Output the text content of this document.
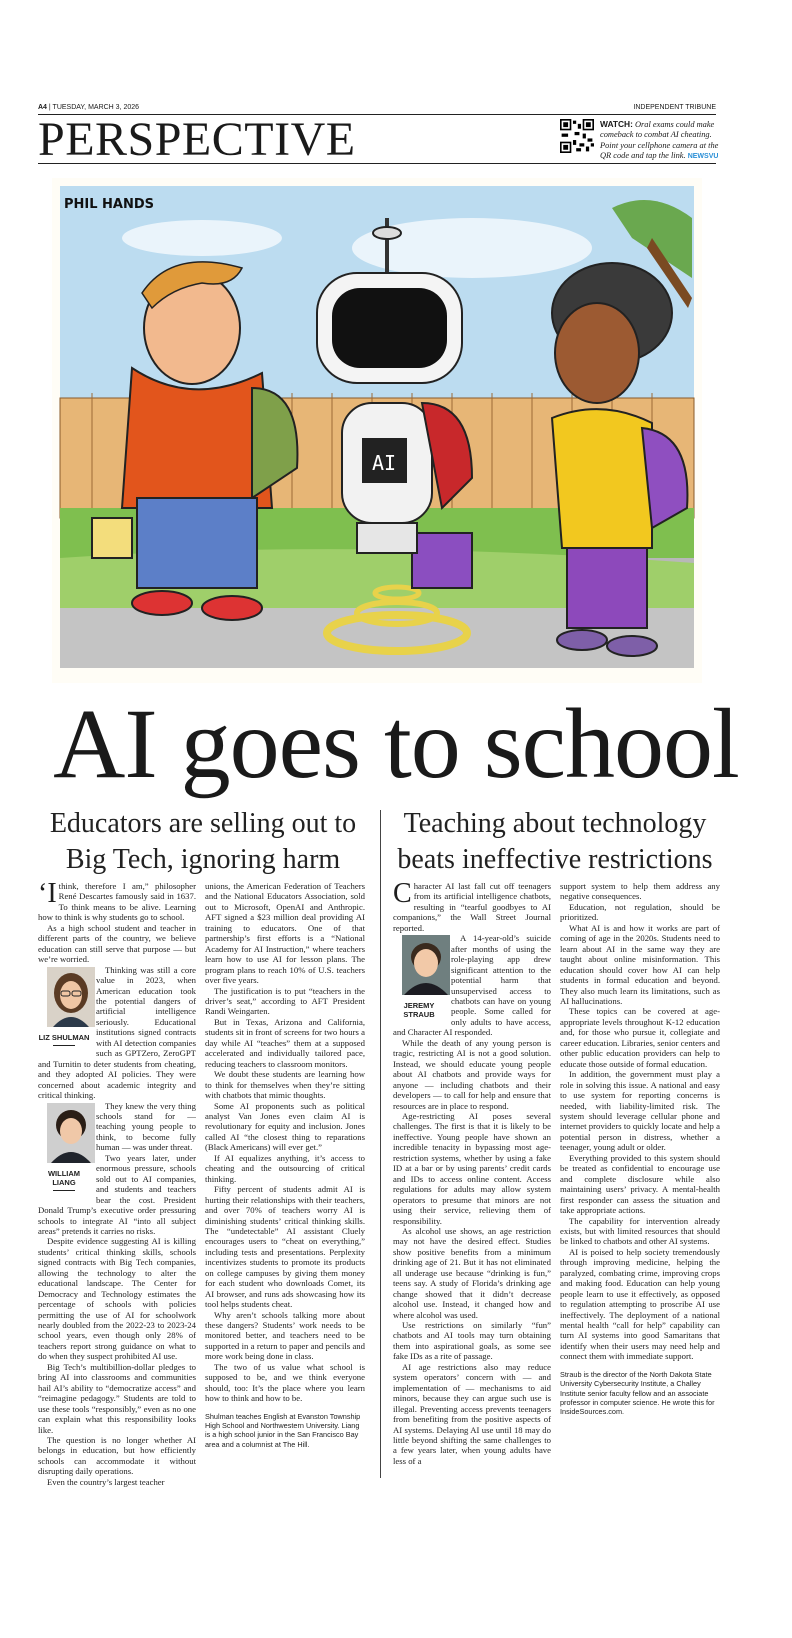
A4 | TUESDAY, MARCH 3, 2026	INDEPENDENT TRIBUNE
PERSPECTIVE	WATCH: Oral exams could make comeback to combat AI cheating. Point your cellphone camera at the QR code and tap the link. NEWSVU
AI
PHIL HANDS
AI goes to school
Educators are selling out to Big Tech, ignoring harm
Teaching about technology beats ineffective restrictions

‘Ithink, therefore I am,” philosopher René Descartes famously said in 1637. To think means to be alive. Learning how to think is why students go to school.

As a high school student and teacher in different parts of the country, we believe education can still serve that purpose — but we’re worried.

LIZ SHULMAN
Thinking was still a core value in 2023, when American education took the potential dangers of artificial intelligence seriously. Educational institutions signed contracts with AI detection companies such as GPTZero, ZeroGPT and Turnitin to deter students from cheating, and they adopted AI policies. They were concerned about academic integrity and critical thinking.

WILLIAM LIANG
They knew the very thing schools stand for — teaching young people to think, to become fully human — was under threat.

Two years later, under enormous pressure, schools sold out to AI companies, and students and teachers bear the cost. President Donald Trump’s executive order pressuring schools to integrate AI “into all subject areas” pretends it carries no risks.

Despite evidence suggesting AI is killing students’ critical thinking skills, schools signed contracts with Big Tech companies, allowing the technology to alter the educational landscape. The Center for Democracy and Technology estimates the percentage of schools with policies permitting the use of AI for schoolwork nearly doubled from the 2022-23 to 2023-24 school years, even though only 28% of teachers report strong guidance on what to do when they suspect prohibited AI use.

Big Tech’s multibillion-dollar pledges to bring AI into classrooms and communities hail AI’s ability to “democratize access” and “reimagine pedagogy.” Students are told to use these tools “responsibly,” even as no one can explain what this responsibility looks like.

The question is no longer whether AI belongs in education, but how efficiently schools can accommodate it without disrupting daily operations.

Even the country’s largest teacher

unions, the American Federation of Teachers and the National Educators Association, sold out to Microsoft, OpenAI and Anthropic. AFT signed a $23 million deal providing AI training to educators. One of that partnership’s first efforts is a “National Academy for AI Instruction,” where teachers learn how to use AI for lesson plans. The program plans to reach 10% of U.S. teachers over five years.

The justification is to put “teachers in the driver’s seat,” according to AFT President Randi Weingarten.

But in Texas, Arizona and California, students sit in front of screens for two hours a day while AI “teaches” them at a supposed accelerated and individually tailored pace, reducing teachers to classroom monitors.

We doubt these students are learning how to think for themselves when they’re sitting with chatbots that mimic thoughts.

Some AI proponents such as political analyst Van Jones even claim AI is revolutionary for equity and inclusion. Jones called AI “the closest thing to reparations (Black Americans) will ever get.”

If AI equalizes anything, it’s access to cheating and the outsourcing of critical thinking.

Fifty percent of students admit AI is hurting their relationships with their teachers, and over 70% of teachers worry AI is diminishing students’ critical thinking skills. The “undetectable” AI assistant Cluely encourages users to “cheat on everything,” including tests and presentations. Perplexity incentivizes students to promote its products on college campuses by giving them money for each student who downloads Comet, its AI browser, and runs ads showcasing how its tool helps students cheat.

Why aren’t schools talking more about these dangers? Students’ work needs to be monitored better, and teachers need to be supported in a return to paper and pencils and more work being done in class.

The two of us value what school is supposed to be, and we think everyone should, too: It’s the place where you learn how to think and how to be.

Shulman teaches English at Evanston Township High School and Northwestern University. Liang is a high school junior in the San Francisco Bay area and a columnist at The Hill.

Character AI last fall cut off teenagers from its artificial intelligence chatbots, resulting in “tearful goodbyes to AI companions,” the Wall Street Journal reported.

JEREMY STRAUB
A 14-year-old’s suicide after months of using the role-playing app drew significant attention to the potential harm that unsupervised access to chatbots can have on young people. Some called for only adults to have access, and Character AI responded.

While the death of any young person is tragic, restricting AI is not a good solution. Instead, we should educate young people about AI chatbots and provide ways for anyone — including chatbots and their developers — to call for help and ensure that resources are in place to respond.

Age-restricting AI poses several challenges. The first is that it is likely to be ineffective. Young people have shown an incredible tenacity in bypassing most age-restriction systems, whether by using a fake ID at a bar or by using parents’ credit cards and IDs to access online content. Access regulations for adults may allow system operators to presume that minors are not using their service, relieving them of responsibility.

As alcohol use shows, an age restriction may not have the desired effect. Studies show positive benefits from a minimum drinking age of 21. But it has not eliminated all underage use because “drinking is fun,” teens say. A study of Florida’s drinking age change showed that it didn’t decrease alcohol use. Instead, it changed how and where alcohol was used.

Use restrictions on similarly “fun” chatbots and AI tools may turn obtaining them into aspirational goals, as some see fake IDs as a rite of passage.

AI age restrictions also may reduce system operators’ concern with — and implementation of — mechanisms to aid minors, because they can argue such use is illegal. Preventing access prevents teenagers from benefiting from the positive aspects of AI systems. Delaying AI use until 18 may do little beyond shifting the same challenges to a few years later, when young adults have less of a

support system to help them address any negative consequences.

Education, not regulation, should be prioritized.

What AI is and how it works are part of coming of age in the 2020s. Students need to learn about AI in the same way they are taught about online misinformation. This education should cover how AI can help students in formal education and beyond. They also much learn its limitations, such as AI hallucinations.

These topics can be covered at age-appropriate levels throughout K-12 education and, for those who pursue it, collegiate and career education. Libraries, senior centers and other public education providers can help to educate those outside of formal education.

In addition, the government must play a role in solving this issue. A national and easy to use system for reporting concerns is needed, with liability-limited risk. The system should leverage cellular phone and internet providers to quickly locate and help a potential person in distress, whether a teenager, young adult or older.

Everything provided to this system should be treated as confidential to encourage use and complete disclosure while also maintaining users’ privacy. A mental-health first responder can assess the situation and take appropriate actions.

The capability for intervention already exists, but with limited resources that should be linked to chatbots and other AI systems.

AI is poised to help society tremendously through improving medicine, helping the paralyzed, combating crime, improving crops and making food. Education can help young people learn to use it effectively, as opposed to regulation attempting to proscribe AI use ineffectively. The deployment of a national mental health “call for help” capability can turn AI systems into good Samaritans that identify when their users may need help and connect them with immediate support.

Straub is the director of the North Dakota State University Cybersecurity Institute, a Challey Institute senior faculty fellow and an associate professor in computer science. He wrote this for InsideSources.com.
